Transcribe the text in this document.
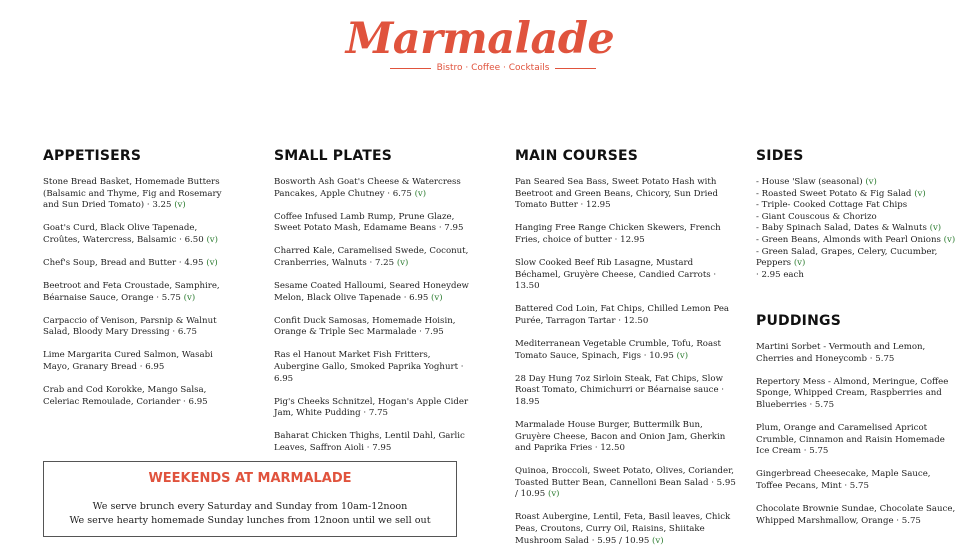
Marmalade
Bistro · Coffee · Cocktails
APPETISERS
Stone Bread Basket, Homemade Butters (Balsamic and Thyme, Fig and Rosemary and Sun Dried Tomato) · 3.25 (v)
Goat's Curd, Black Olive Tapenade, Croûtes, Watercress, Balsamic · 6.50 (v)
Chef's Soup, Bread and Butter · 4.95 (v)
Beetroot and Feta Croustade, Samphire, Béarnaise Sauce, Orange · 5.75 (v)
Carpaccio of Venison, Parsnip & Walnut Salad, Bloody Mary Dressing · 6.75
Lime Margarita Cured Salmon, Wasabi Mayo, Granary Bread · 6.95
Crab and Cod Korokke, Mango Salsa, Celeriac Remoulade, Coriander · 6.95
SMALL PLATES
Bosworth Ash Goat's Cheese & Watercress Pancakes, Apple Chutney · 6.75 (v)
Coffee Infused Lamb Rump, Prune Glaze, Sweet Potato Mash, Edamame Beans · 7.95
Charred Kale, Caramelised Swede, Coconut, Cranberries, Walnuts · 7.25 (v)
Sesame Coated Halloumi, Seared Honeydew Melon, Black Olive Tapenade · 6.95 (v)
Confit Duck Samosas, Homemade Hoisin, Orange & Triple Sec Marmalade · 7.95
Ras el Hanout Market Fish Fritters, Aubergine Gallo, Smoked Paprika Yoghurt · 6.95
Pig's Cheeks Schnitzel, Hogan's Apple Cider Jam, White Pudding · 7.75
Baharat Chicken Thighs, Lentil Dahl, Garlic Leaves, Saffron Aioli · 7.95
MAIN COURSES
Pan Seared Sea Bass, Sweet Potato Hash with Beetroot and Green Beans, Chicory, Sun Dried Tomato Butter · 12.95
Hanging Free Range Chicken Skewers, French Fries, choice of butter · 12.95
Slow Cooked Beef Rib Lasagne, Mustard Béchamel, Gruyère Cheese, Candied Carrots · 13.50
Battered Cod Loin, Fat Chips, Chilled Lemon Pea Purée, Tarragon Tartar · 12.50
Mediterranean Vegetable Crumble, Tofu, Roast Tomato Sauce, Spinach, Figs · 10.95 (v)
28 Day Hung 7oz Sirloin Steak, Fat Chips, Slow Roast Tomato, Chimichurri or Béarnaise sauce · 18.95
Marmalade House Burger, Buttermilk Bun, Gruyère Cheese, Bacon and Onion Jam, Gherkin and Paprika Fries · 12.50
Quinoa, Broccoli, Sweet Potato, Olives, Coriander, Toasted Butter Bean, Cannelloni Bean Salad · 5.95 / 10.95 (v)
Roast Aubergine, Lentil, Feta, Basil leaves, Chick Peas, Croutons, Curry Oil, Raisins, Shiitake Mushroom Salad · 5.95 / 10.95 (v)
SIDES
- House 'Slaw (seasonal) (v)
- Roasted Sweet Potato & Fig Salad (v)
- Triple- Cooked Cottage Fat Chips
- Giant Couscous & Chorizo
- Baby Spinach Salad, Dates & Walnuts (v)
- Green Beans, Almonds with Pearl Onions (v)
- Green Salad, Grapes, Celery, Cucumber, Peppers (v)
· 2.95 each
PUDDINGS
Martini Sorbet - Vermouth and Lemon, Cherries and Honeycomb · 5.75
Repertory Mess - Almond, Meringue, Coffee Sponge, Whipped Cream, Raspberries and Blueberries · 5.75
Plum, Orange and Caramelised Apricot Crumble, Cinnamon and Raisin Homemade Ice Cream · 5.75
Gingerbread Cheesecake, Maple Sauce, Toffee Pecans, Mint · 5.75
Chocolate Brownie Sundae, Chocolate Sauce, Whipped Marshmallow, Orange · 5.75
WEEKENDS AT MARMALADE
We serve brunch every Saturday and Sunday from 10am-12noon
We serve hearty homemade Sunday lunches from 12noon until we sell out
